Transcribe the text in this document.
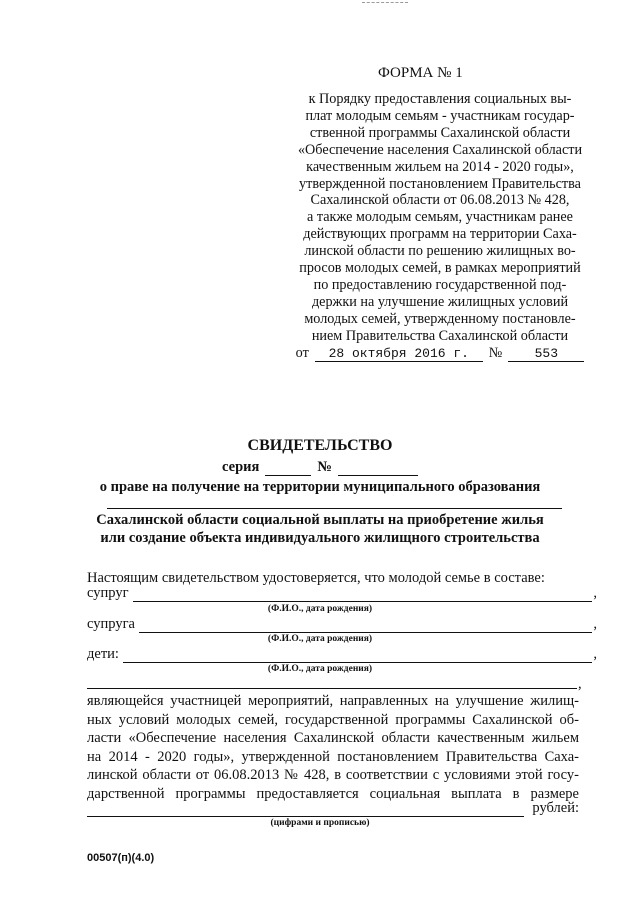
ФОРМА № 1
к Порядку предоставления социальных вы-
плат молодым семьям - участникам государ-
ственной программы Сахалинской области
«Обеспечение населения Сахалинской области
качественным жильем на 2014 - 2020 годы»,
утвержденной постановлением Правительства
Сахалинской области от 06.08.2013 № 428,
а также молодым семьям, участникам ранее
действующих программ на территории Саха-
линской области по решению жилищных во-
просов молодых семей, в рамках мероприятий
по предоставлению государственной под-
держки на улучшение жилищных условий
молодых семей, утвержденному постановле-
нием Правительства Сахалинской области
от	28 октября 2016 г.	№	553
СВИДЕТЕЛЬСТВО
серия	№
о праве на получение на территории муниципального образования
Сахалинской области социальной выплаты на приобретение жилья
или создание объекта индивидуального жилищного строительства
Настоящим свидетельством удостоверяется, что молодой семье в составе:
супруг	,
(Ф.И.О., дата рождения)
супруга	,
(Ф.И.О., дата рождения)
дети:	,
(Ф.И.О., дата рождения)
,
являющейся участницей мероприятий, направленных на улучшение жилищ-
ных условий молодых семей, государственной программы Сахалинской об-
ласти «Обеспечение населения Сахалинской области качественным жильем
на 2014 - 2020 годы», утвержденной постановлением Правительства Саха-
линской области от 06.08.2013 № 428, в соответствии с условиями этой госу-
дарственной программы предоставляется социальная выплата в размере
рублей:
(цифрами и прописью)
00507(п)(4.0)
